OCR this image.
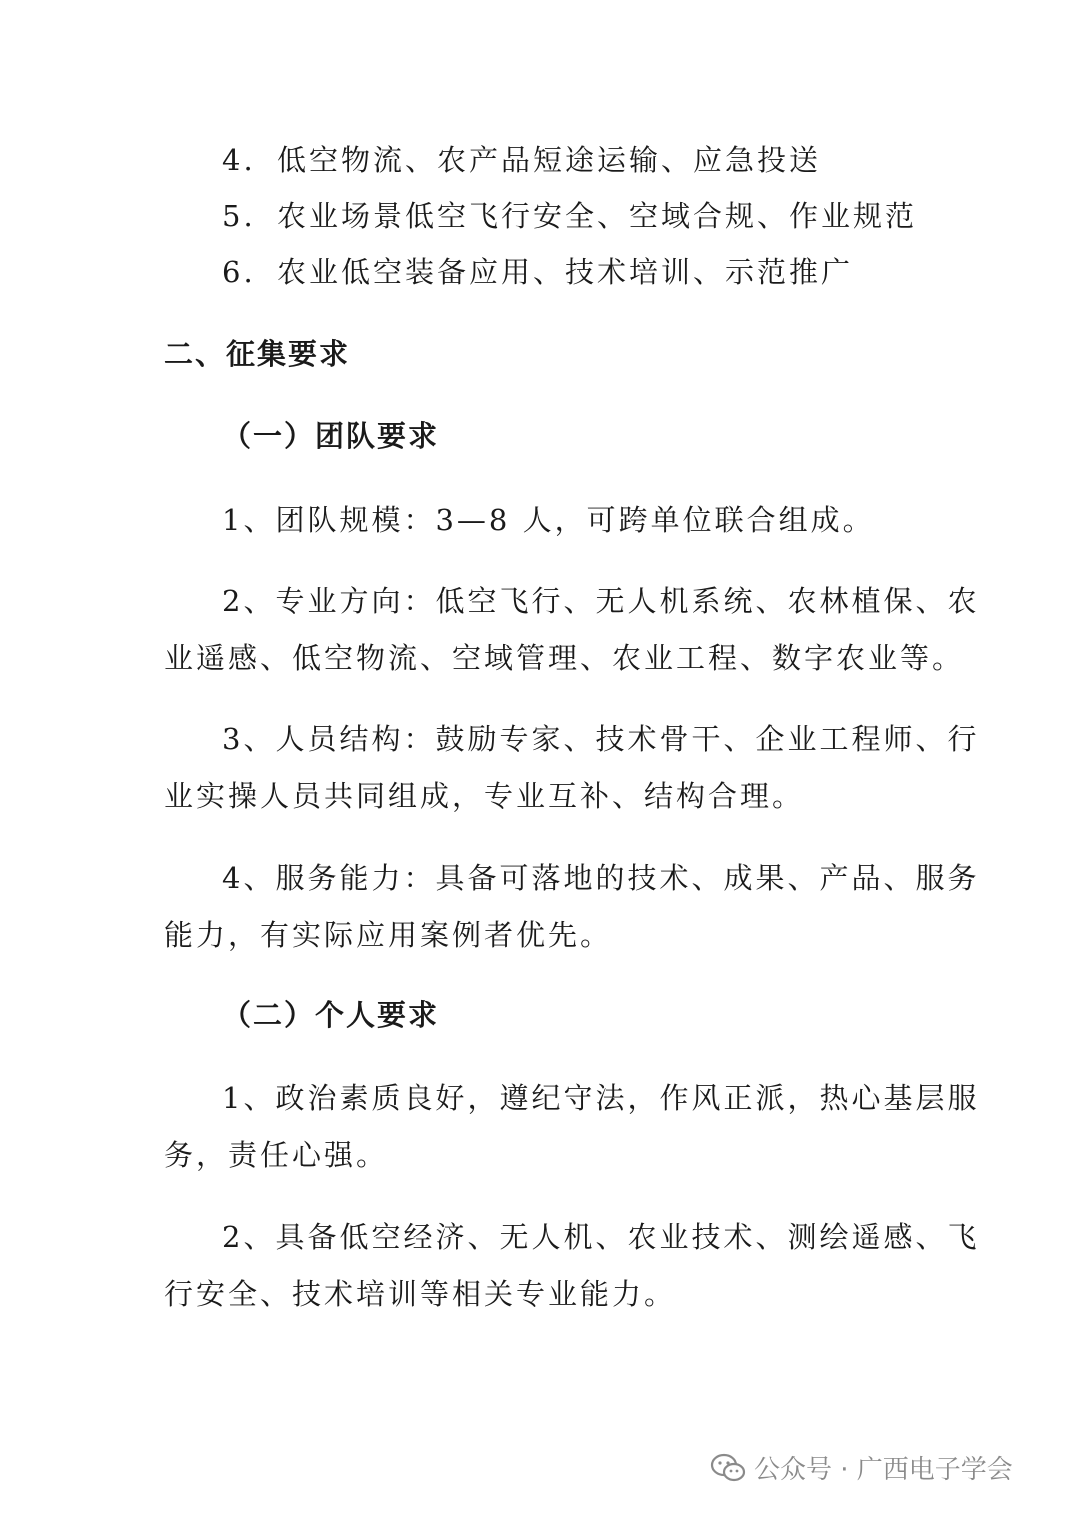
4. 低空物流、农产品短途运输、应急投送
5. 农业场景低空飞行安全、空域合规、作业规范
6. 农业低空装备应用、技术培训、示范推广
二、征集要求
（一）团队要求
1、团队规模：3—8 人，可跨单位联合组成。
2、专业方向：低空飞行、无人机系统、农林植保、农
业遥感、低空物流、空域管理、农业工程、数字农业等。
3、人员结构：鼓励专家、技术骨干、企业工程师、行
业实操人员共同组成，专业互补、结构合理。
4、服务能力：具备可落地的技术、成果、产品、服务
能力，有实际应用案例者优先。
（二）个人要求
1、政治素质良好，遵纪守法，作风正派，热心基层服
务，责任心强。
2、具备低空经济、无人机、农业技术、测绘遥感、飞
行安全、技术培训等相关专业能力。
公众号 · 广西电子学会
